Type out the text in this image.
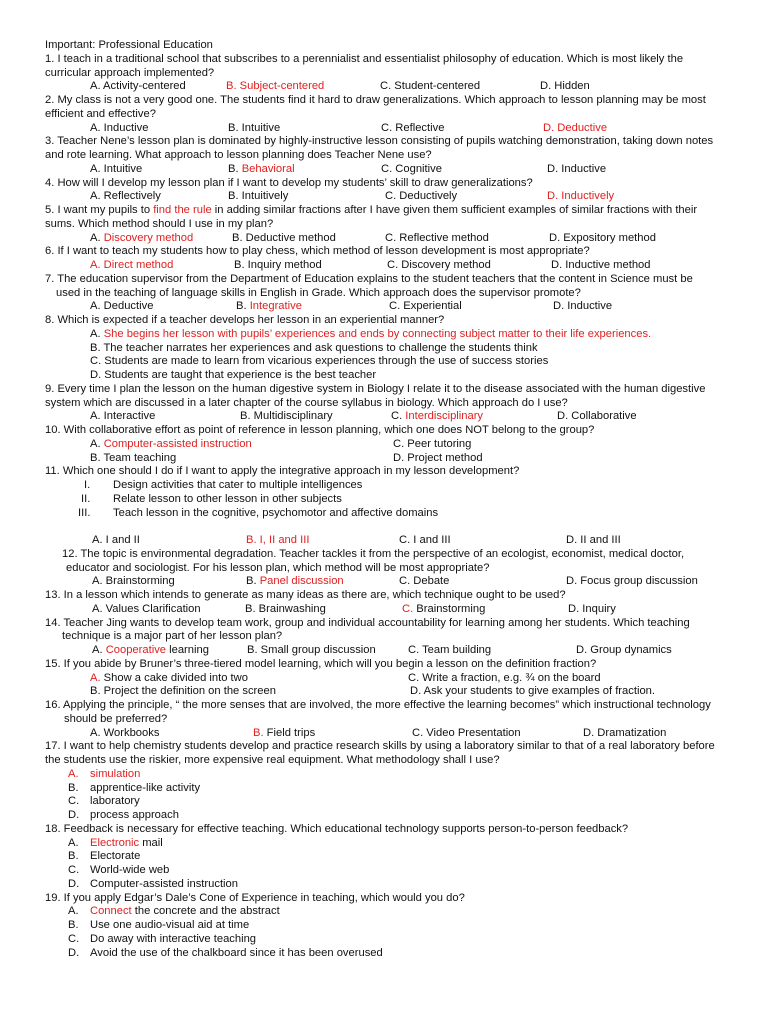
Important: Professional Education
1. I teach in a traditional school that subscribes to a perennialist and essentialist philosophy of education. Which is most likely the
curricular approach implemented?
A. Activity-centered	B. Subject-centered	C. Student-centered	D. Hidden
2. My class is not a very good one. The students find it hard to draw generalizations. Which approach to lesson planning may be most
efficient and effective?
A. Inductive	B. Intuitive	C. Reflective	D. Deductive
3. Teacher Nene’s lesson plan is dominated by highly-instructive lesson consisting of pupils watching demonstration, taking down notes
and rote learning. What approach to lesson planning does Teacher Nene use?
A. Intuitive	B. Behavioral	C. Cognitive	D. Inductive
4. How will I develop my lesson plan if I want to develop my students’ skill to draw generalizations?
A. Reflectively	B. Intuitively	C. Deductively	D. Inductively
5. I want my pupils to find the rule in adding similar fractions after I have given them sufficient examples of similar fractions with their
sums. Which method should I use in my plan?
A. Discovery method	B. Deductive method	C. Reflective method	D. Expository method
6. If I want to teach my students how to play chess, which method of lesson development is most appropriate?
A. Direct method	B. Inquiry method	C. Discovery method	D. Inductive method
7. The education supervisor from the Department of Education explains to the student teachers that the content in Science must be
used in the teaching of language skills in English in Grade. Which approach does the supervisor promote?
A. Deductive	B. Integrative	C. Experiential	D. Inductive
8. Which is expected if a teacher develops her lesson in an experiential manner?
A. She begins her lesson with pupils’ experiences and ends by connecting subject matter to their life experiences.
B. The teacher narrates her experiences and ask questions to challenge the students think
C. Students are made to learn from vicarious experiences through the use of success stories
D. Students are taught that experience is the best teacher
9. Every time I plan the lesson on the human digestive system in Biology I relate it to the disease associated with the human digestive
system which are discussed in a later chapter of the course syllabus in biology. Which approach do I use?
A. Interactive	B. Multidisciplinary	C. Interdisciplinary	D. Collaborative
10. With collaborative effort as point of reference in lesson planning, which one does NOT belong to the group?
A. Computer-assisted instruction	C. Peer tutoring
B. Team teaching	D. Project method
11. Which one should I do if I want to apply the integrative approach in my lesson development?
I. Design activities that cater to multiple intelligences
II. Relate lesson to other lesson in other subjects
III. Teach lesson in the cognitive, psychomotor and affective domains
A. I and II	B. I, II and III	C. I and III	D. II and III
12. The topic is environmental degradation. Teacher tackles it from the perspective of an ecologist, economist, medical doctor,
educator and sociologist. For his lesson plan, which method will be most appropriate?
A. Brainstorming	B. Panel discussion	C. Debate	D. Focus group discussion
13. In a lesson which intends to generate as many ideas as there are, which technique ought to be used?
A. Values Clarification	B. Brainwashing	C. Brainstorming	D. Inquiry
14. Teacher Jing wants to develop team work, group and individual accountability for learning among her students. Which teaching
technique is a major part of her lesson plan?
A. Cooperative learning	B. Small group discussion	C. Team building	D. Group dynamics
15. If you abide by Bruner’s three-tiered model learning, which will you begin a lesson on the definition fraction?
A. Show a cake divided into two	C. Write a fraction, e.g. ¾ on the board
B. Project the definition on the screen	D. Ask your students to give examples of fraction.
16. Applying the principle, “ the more senses that are involved, the more effective the learning becomes” which instructional technology
should be preferred?
A. Workbooks	B. Field trips	C. Video Presentation	D. Dramatization
17. I want to help chemistry students develop and practice research skills by using a laboratory similar to that of a real laboratory before
the students use the riskier, more expensive real equipment. What methodology shall I use?
A. simulation
B. apprentice-like activity
C. laboratory
D. process approach
18. Feedback is necessary for effective teaching. Which educational technology supports person-to-person feedback?
A. Electronic mail
B. Electorate
C. World-wide web
D. Computer-assisted instruction
19. If you apply Edgar’s Dale’s Cone of Experience in teaching, which would you do?
A. Connect the concrete and the abstract
B. Use one audio-visual aid at time
C. Do away with interactive teaching
D. Avoid the use of the chalkboard since it has been overused
